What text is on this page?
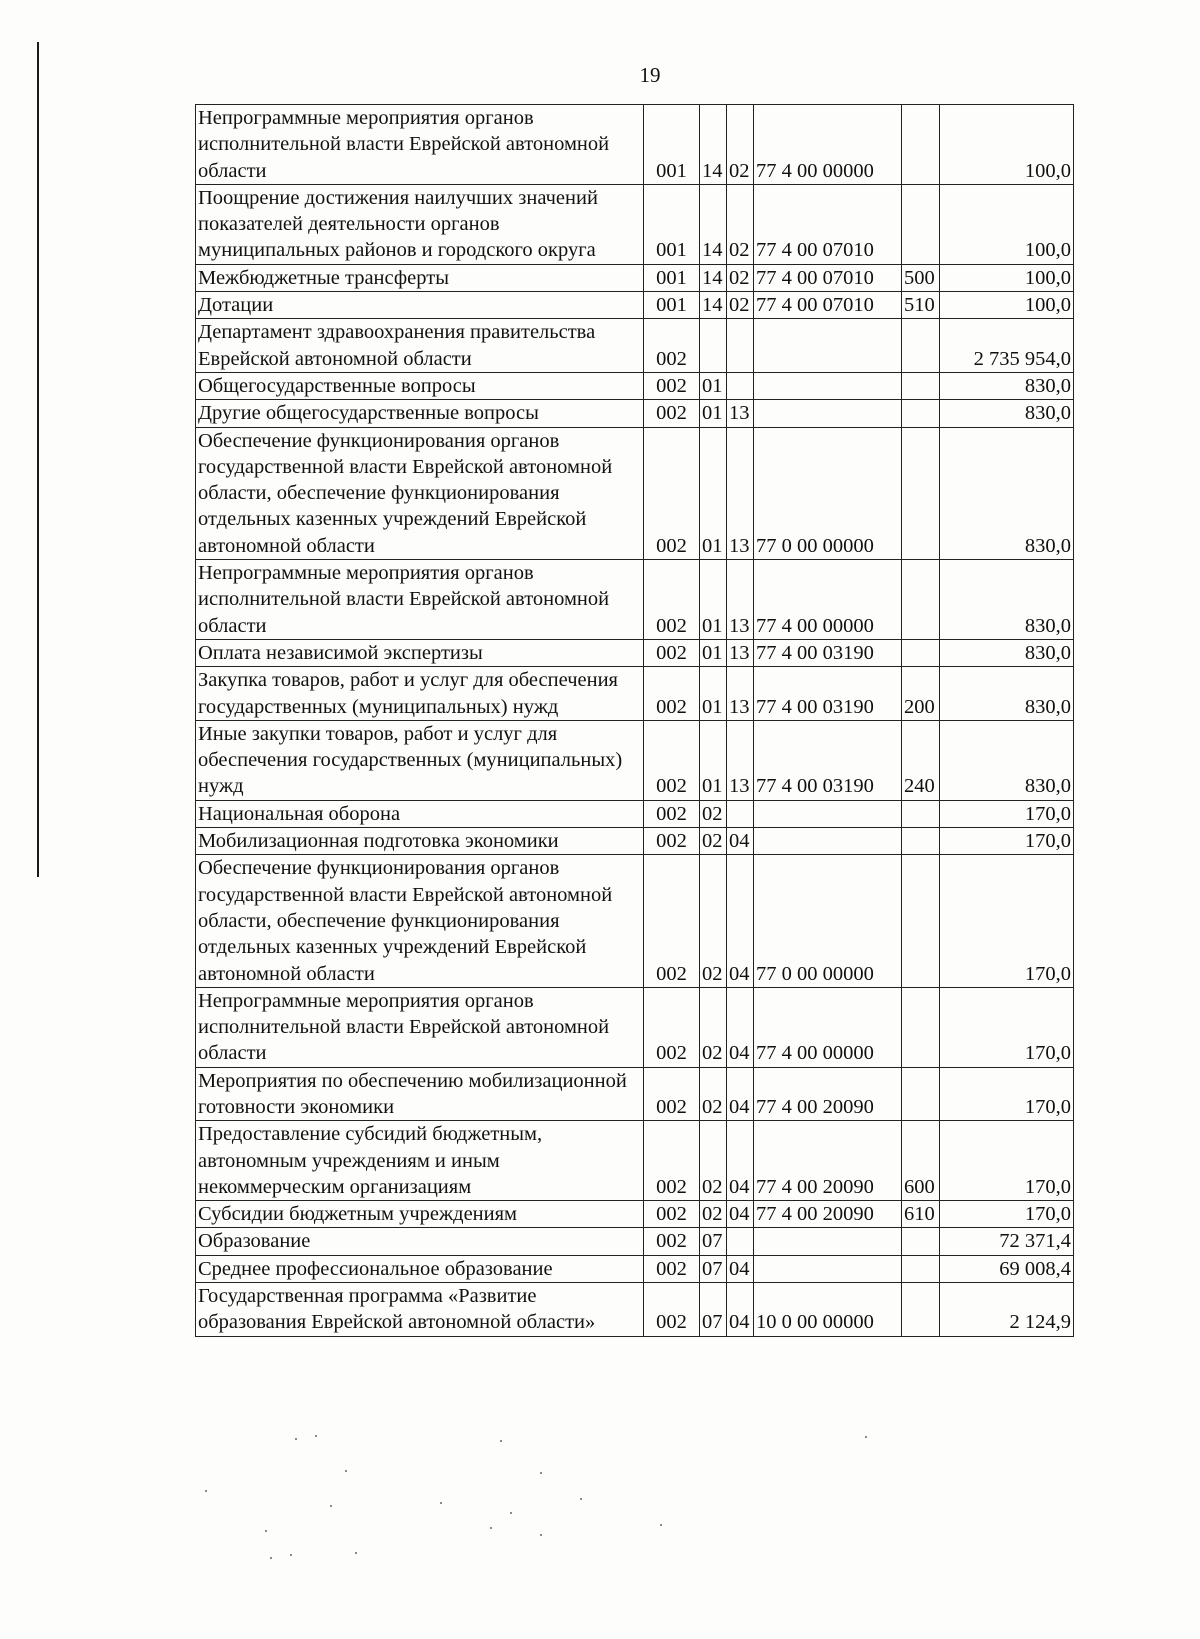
19
Непрограммные мероприятия органов исполнительной власти Еврейской автономной области	001	14	02	77 4 00 00000		100,0
Поощрение достижения наилучших значений показателей деятельности органов муниципальных районов и городского округа	001	14	02	77 4 00 07010		100,0
Межбюджетные трансферты	001	14	02	77 4 00 07010	500	100,0
Дотации	001	14	02	77 4 00 07010	510	100,0
Департамент здравоохранения правительства Еврейской автономной области	002					2 735 954,0
Общегосударственные вопросы	002	01				830,0
Другие общегосударственные вопросы	002	01	13			830,0
Обеспечение функционирования органов государственной власти Еврейской автономной области, обеспечение функционирования отдельных казенных учреждений Еврейской автономной области	002	01	13	77 0 00 00000		830,0
Непрограммные мероприятия органов исполнительной власти Еврейской автономной области	002	01	13	77 4 00 00000		830,0
Оплата независимой экспертизы	002	01	13	77 4 00 03190		830,0
Закупка товаров, работ и услуг для обеспечения государственных (муниципальных) нужд	002	01	13	77 4 00 03190	200	830,0
Иные закупки товаров, работ и услуг для обеспечения государственных (муниципальных) нужд	002	01	13	77 4 00 03190	240	830,0
Национальная оборона	002	02				170,0
Мобилизационная подготовка экономики	002	02	04			170,0
Обеспечение функционирования органов государственной власти Еврейской автономной области, обеспечение функционирования отдельных казенных учреждений Еврейской автономной области	002	02	04	77 0 00 00000		170,0
Непрограммные мероприятия органов исполнительной власти Еврейской автономной области	002	02	04	77 4 00 00000		170,0
Мероприятия по обеспечению мобилизационной готовности экономики	002	02	04	77 4 00 20090		170,0
Предоставление субсидий бюджетным, автономным учреждениям и иным некоммерческим организациям	002	02	04	77 4 00 20090	600	170,0
Субсидии бюджетным учреждениям	002	02	04	77 4 00 20090	610	170,0
Образование	002	07				72 371,4
Среднее профессиональное образование	002	07	04			69 008,4
Государственная программа «Развитие образования Еврейской автономной области»	002	07	04	10 0 00 00000		2 124,9
